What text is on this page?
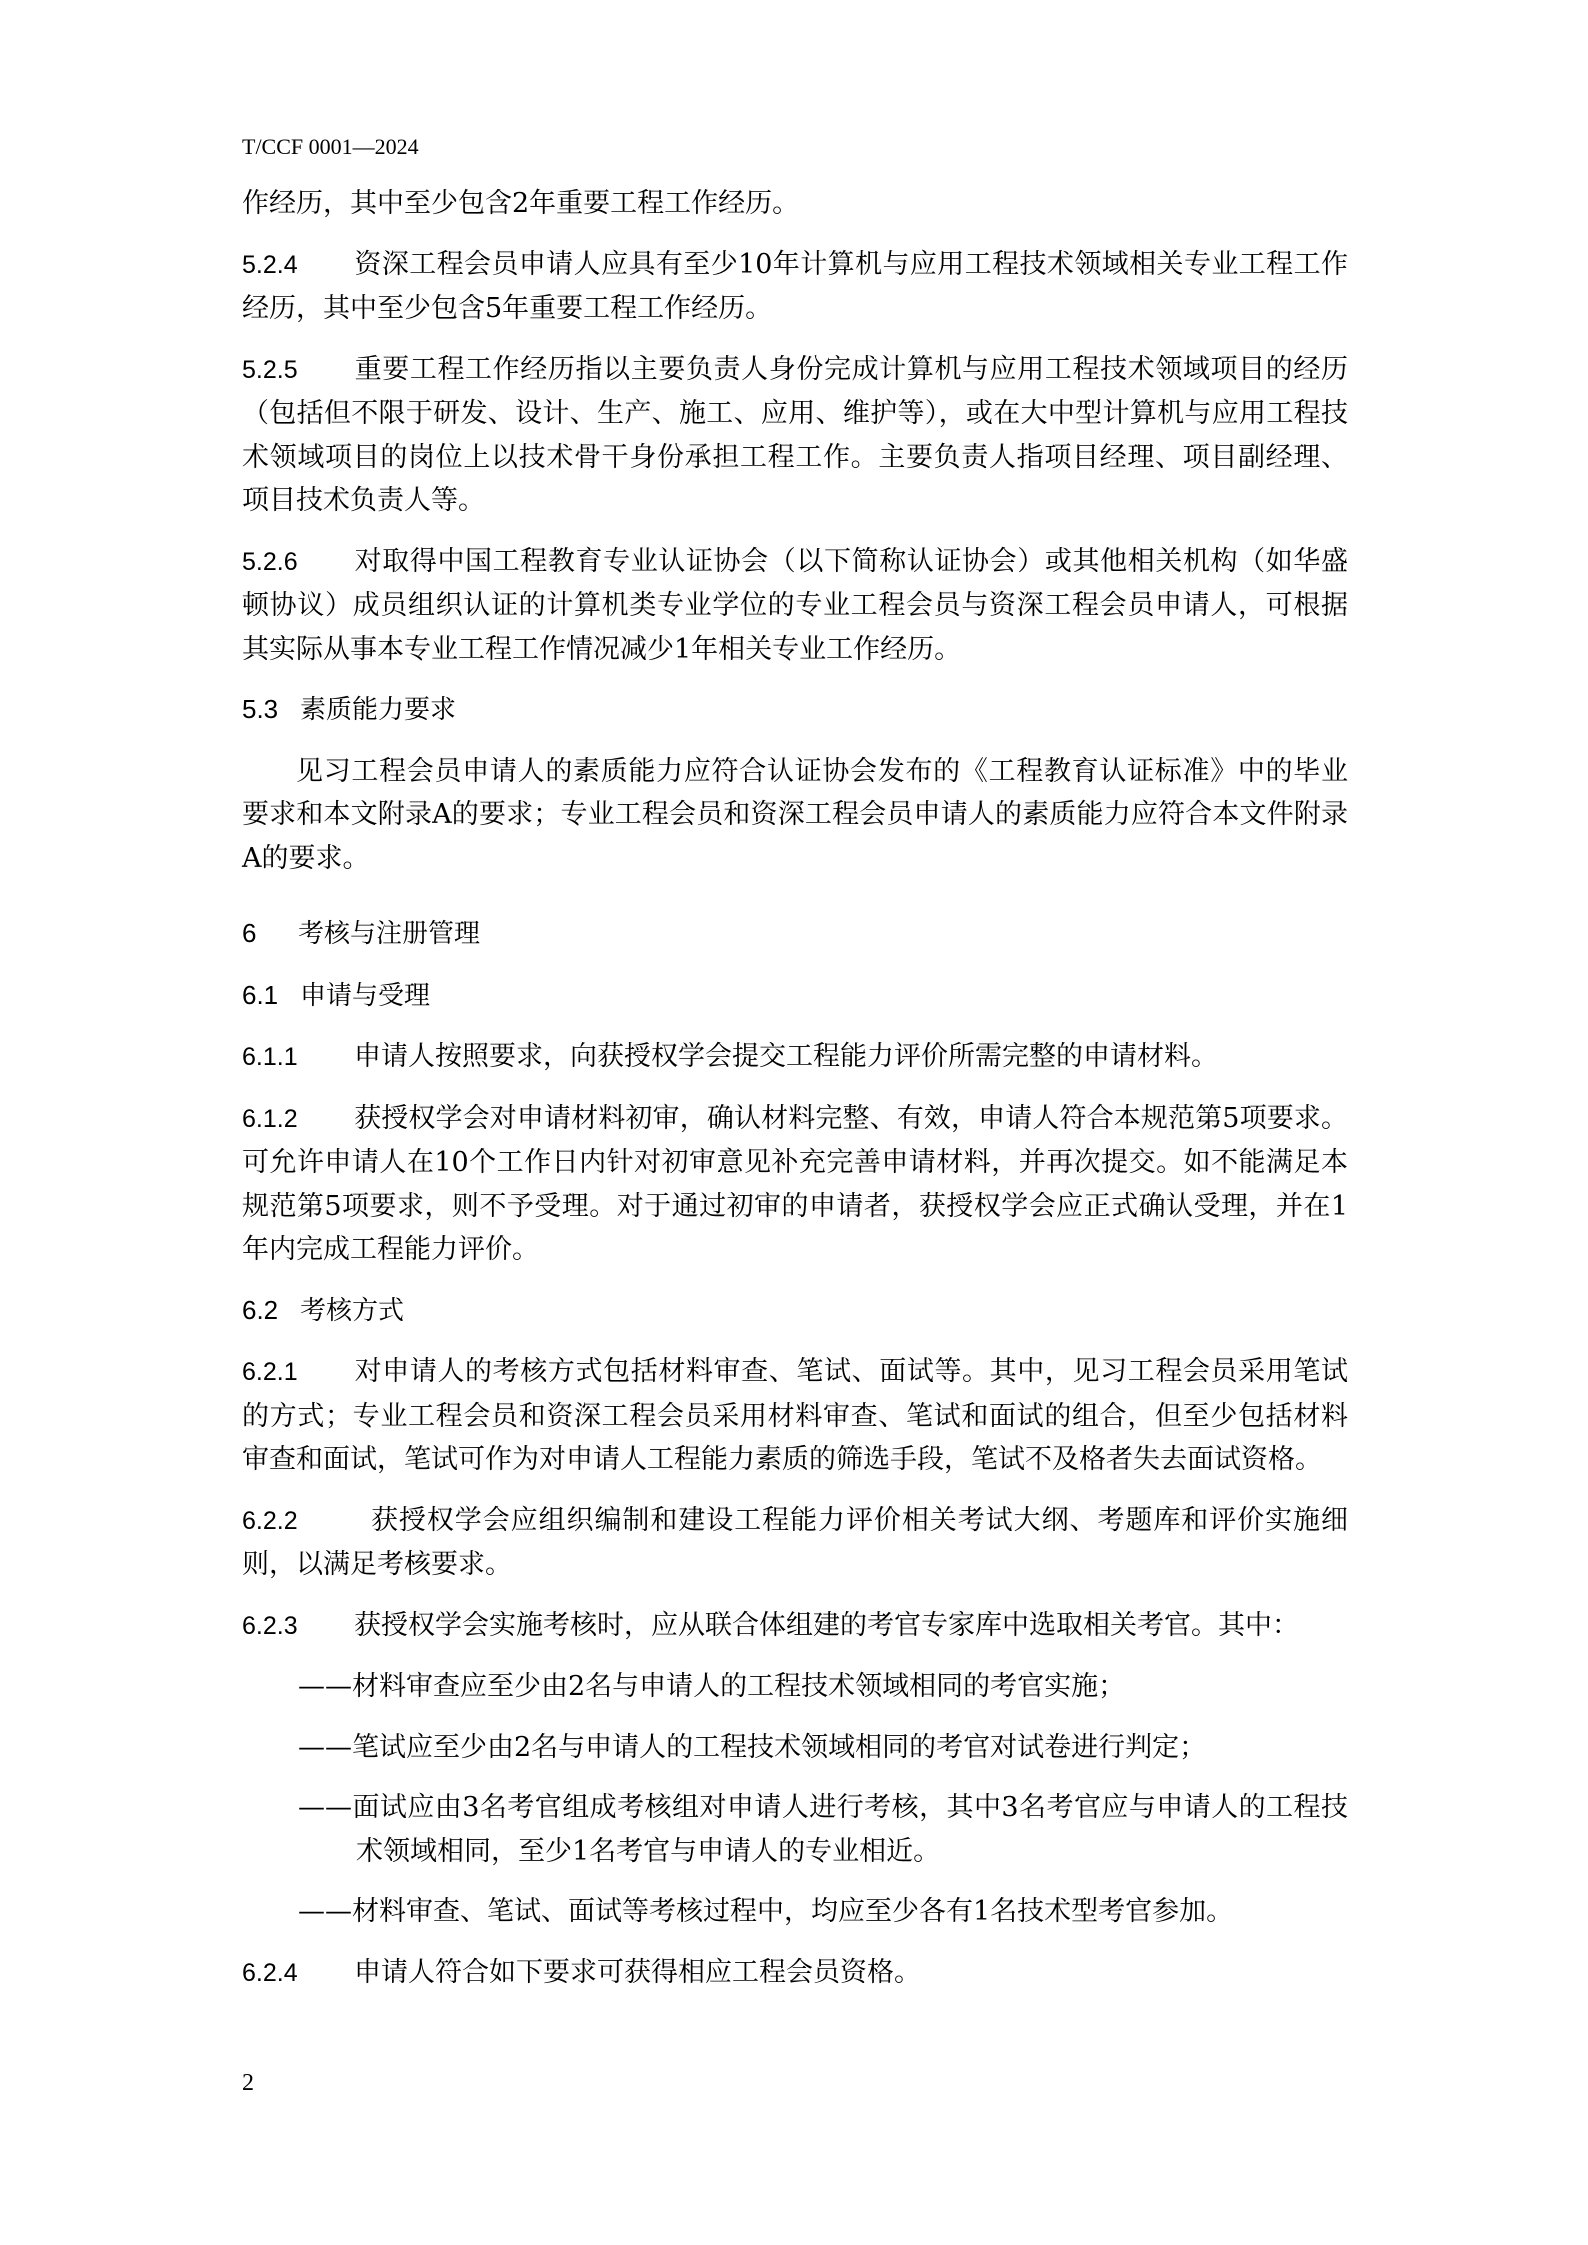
T/CCF 0001—2024
作经历，其中至少包含2年重要工程工作经历。
5.2.4 资深工程会员申请人应具有至少10年计算机与应用工程技术领域相关专业工程工作经历，其中至少包含5年重要工程工作经历。
5.2.5 重要工程工作经历指以主要负责人身份完成计算机与应用工程技术领域项目的经历（包括但不限于研发、设计、生产、施工、应用、维护等），或在大中型计算机与应用工程技术领域项目的岗位上以技术骨干身份承担工程工作。主要负责人指项目经理、项目副经理、项目技术负责人等。
5.2.6 对取得中国工程教育专业认证协会（以下简称认证协会）或其他相关机构（如华盛顿协议）成员组织认证的计算机类专业学位的专业工程会员与资深工程会员申请人，可根据其实际从事本专业工程工作情况减少1年相关专业工作经历。
5.3 素质能力要求
见习工程会员申请人的素质能力应符合认证协会发布的《工程教育认证标准》中的毕业要求和本文附录A的要求；专业工程会员和资深工程会员申请人的素质能力应符合本文件附录A的要求。
6 考核与注册管理
6.1 申请与受理
6.1.1 申请人按照要求，向获授权学会提交工程能力评价所需完整的申请材料。
6.1.2 获授权学会对申请材料初审，确认材料完整、有效，申请人符合本规范第5项要求。可允许申请人在10个工作日内针对初审意见补充完善申请材料，并再次提交。如不能满足本规范第5项要求，则不予受理。对于通过初审的申请者，获授权学会应正式确认受理，并在1年内完成工程能力评价。
6.2 考核方式
6.2.1 对申请人的考核方式包括材料审查、笔试、面试等。其中，见习工程会员采用笔试的方式；专业工程会员和资深工程会员采用材料审查、笔试和面试的组合，但至少包括材料审查和面试，笔试可作为对申请人工程能力素质的筛选手段，笔试不及格者失去面试资格。
6.2.2	获授权学会应组织编制和建设工程能力评价相关考试大纲、考题库和评价实施细则，以满足考核要求。
6.2.3 获授权学会实施考核时，应从联合体组建的考官专家库中选取相关考官。其中：
——材料审查应至少由2名与申请人的工程技术领域相同的考官实施；
——笔试应至少由2名与申请人的工程技术领域相同的考官对试卷进行判定；
——面试应由3名考官组成考核组对申请人进行考核，其中3名考官应与申请人的工程技术领域相同，至少1名考官与申请人的专业相近。
——材料审查、笔试、面试等考核过程中，均应至少各有1名技术型考官参加。
6.2.4 申请人符合如下要求可获得相应工程会员资格。
2
